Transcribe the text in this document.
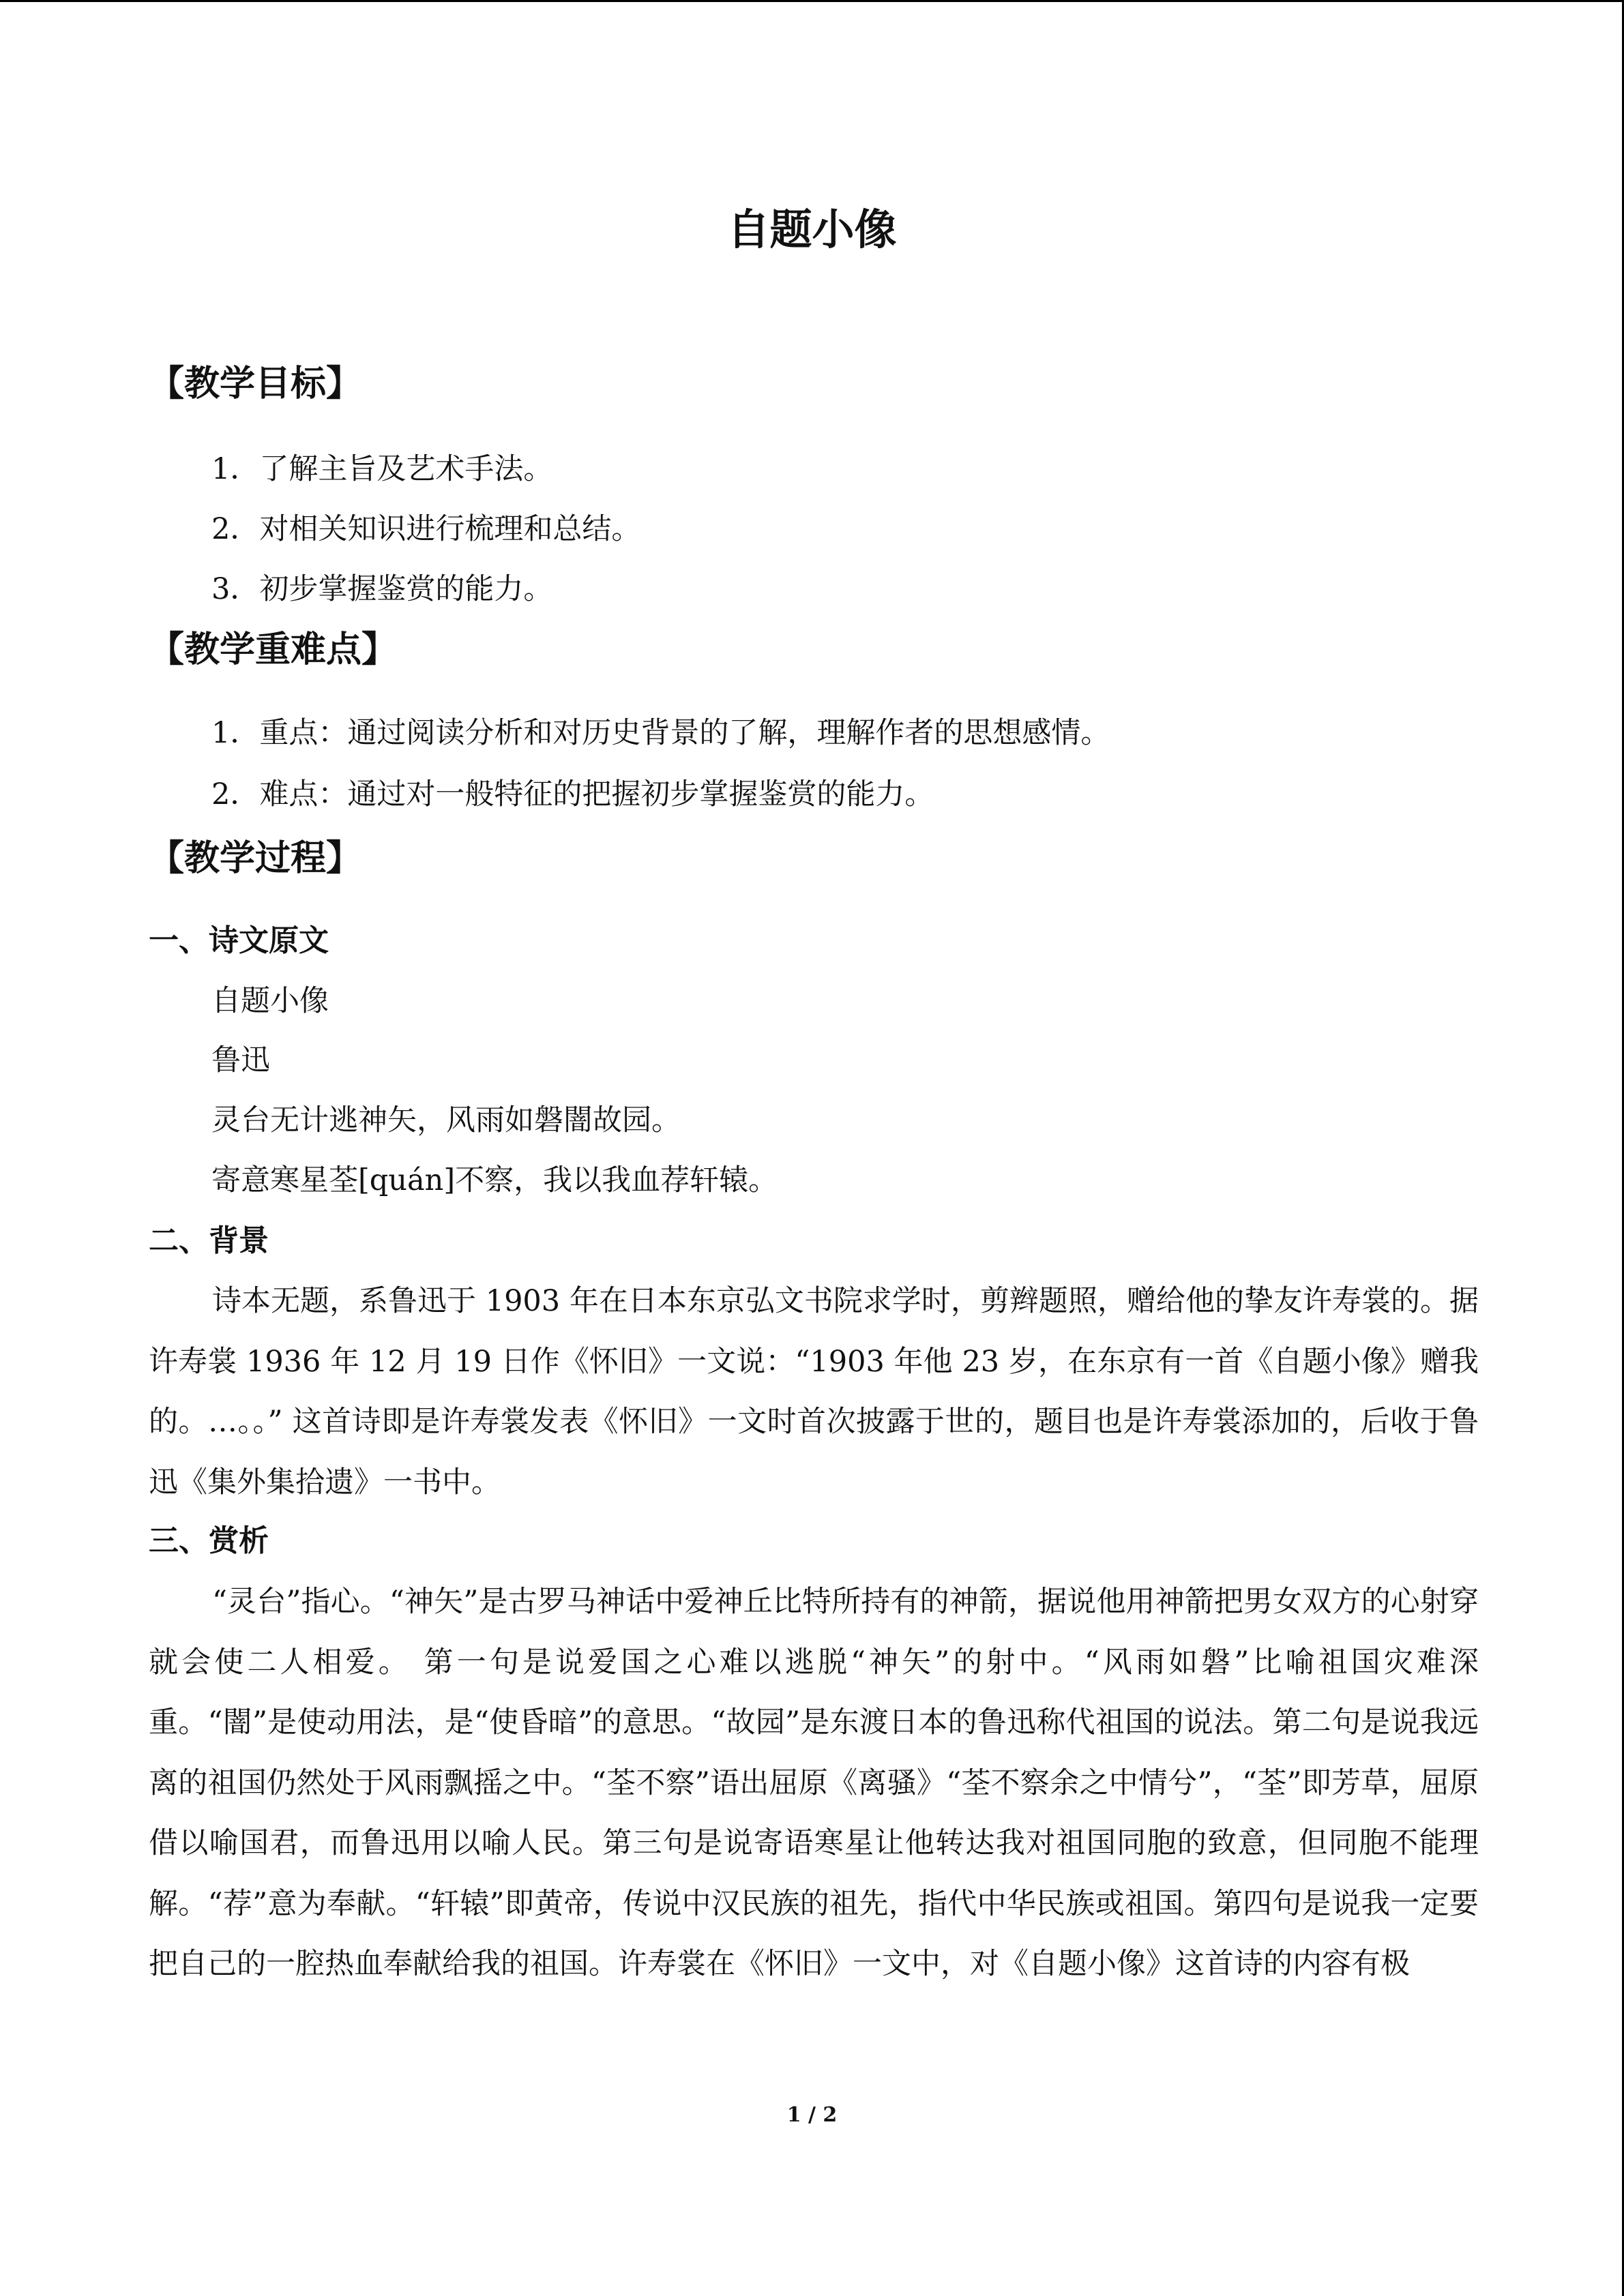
自题小像
【教学目标】
1．了解主旨及艺术手法。
2．对相关知识进行梳理和总结。
3．初步掌握鉴赏的能力。
【教学重难点】
1．重点：通过阅读分析和对历史背景的了解，理解作者的思想感情。
2．难点：通过对一般特征的把握初步掌握鉴赏的能力。
【教学过程】
一、诗文原文
自题小像
鲁迅
灵台无计逃神矢，风雨如磐闇故园。
寄意寒星荃[quán]不察，我以我血荐轩辕。
二、背景

诗本无题，系鲁迅于 1903 年在日本东京弘文书院求学时，剪辫题照，赠给他的挚友许寿裳的。据许寿裳 1936 年 12 月 19 日作《怀旧》一文说：“1903 年他 23 岁，在东京有一首《自题小像》赠我的。…。。” 这首诗即是许寿裳发表《怀旧》一文时首次披露于世的，题目也是许寿裳添加的，后收于鲁迅《集外集拾遗》一书中。

三、赏析

“灵台”指心。“神矢”是古罗马神话中爱神丘比特所持有的神箭，据说他用神箭把男女双方的心射穿就会使二人相爱。 第一句是说爱国之心难以逃脱“神矢”的射中。“风雨如磐”比喻祖国灾难深重。“闇”是使动用法，是“使昏暗”的意思。“故园”是东渡日本的鲁迅称代祖国的说法。第二句是说我远离的祖国仍然处于风雨飘摇之中。“荃不察”语出屈原《离骚》“荃不察余之中情兮”，“荃”即芳草，屈原借以喻国君，而鲁迅用以喻人民。第三句是说寄语寒星让他转达我对祖国同胞的致意，但同胞不能理解。“荐”意为奉献。“轩辕”即黄帝，传说中汉民族的祖先，指代中华民族或祖国。第四句是说我一定要把自己的一腔热血奉献给我的祖国。许寿裳在《怀旧》一文中，对《自题小像》这首诗的内容有极

1 / 2
